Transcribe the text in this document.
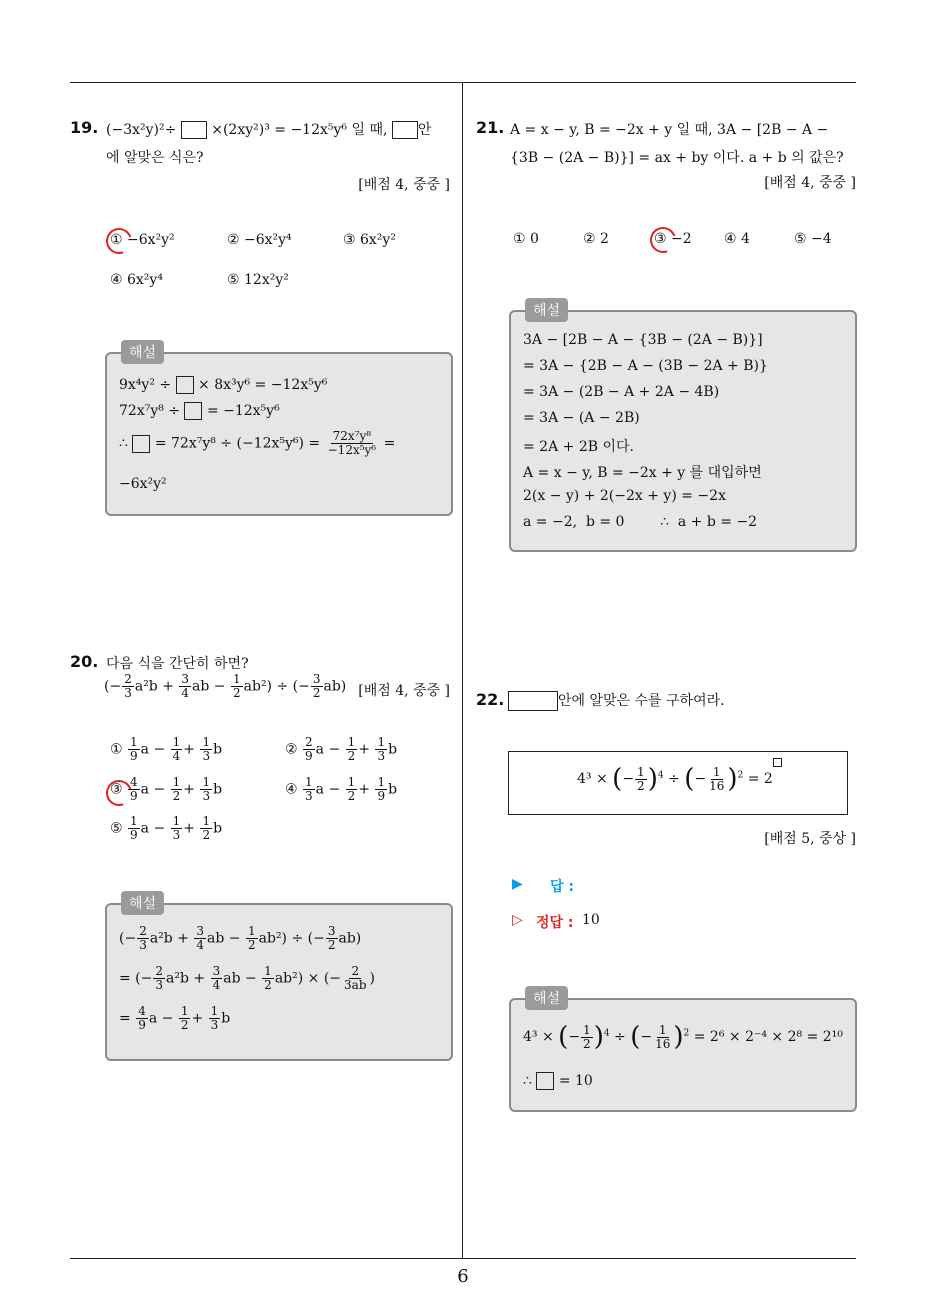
6
19. (−3x²y)²÷ ×(2xy²)³ = −12x⁵y⁶ 일 때, 안
에 알맞은 식은?
[배점 4, 중중 ]
① −6x²y²	② −6x²y⁴	③ 6x²y²
④ 6x²y⁴	⑤ 12x²y²
해설
9x⁴y² ÷ × 8x³y⁶ = −12x⁵y⁶
72x⁷y⁸ ÷ = −12x⁵y⁶
∴ = $72x^7y^8 \div (-12x^5y^6) = \frac{\text{72x⁷y⁸}}{\text{−12x⁵y⁶}}$ =
−6x²y²
20. 다음 식을 간단히 하면?
(− $\frac{2}{3} a^2b + \frac{3}{4}$ ab − $\frac{1}{2} ab^2$) ÷ (− $\frac{3}{2} ab$) [배점 4, 중중 ]
① $\frac{1}{9}$ $a - \frac{1}{4} + \frac{1}{3}$ b	② $\frac{2}{9}$ $a - \frac{1}{2} + \frac{1}{3}$ b
③ $\frac{4}{9}$ $a - \frac{1}{2} + \frac{1}{3}$ b	④ $\frac{1}{3}$ $a - \frac{1}{2} + \frac{1}{9}$ b
⑤ $\frac{1}{9}$ $a - \frac{1}{3} + \frac{1}{2}$ b
해설
(− $\frac{2}{3} a^2b + \frac{3}{4}$ ab − $\frac{1}{2} ab^2$) ÷ (− $\frac{3}{2} ab$)
= (− $\frac{2}{3} a^2b + \frac{3}{4}$ ab − $\frac{1}{2} ab^2$) × (− $\frac{2}{3ab}$ )
= $\frac{4}{9}$ $a - \frac{1}{2} + \frac{1}{3}$ b
21. A = x − y, B = −2x + y 일 때, 3A − [2B − A −
{3B − (2A − B)}] = ax + by 이다. a + b 의 값은?
[배점 4, 중중 ]
① 0	② 2	③ −2 ④ 4	⑤ −4
해설
3A − [2B − A − {3B − (2A − B)}]
= 3A − {2B − A − (3B − 2A + B)}
= 3A − (2B − A + 2A − 4B)
= 3A − (A − 2B)
= 2A + 2B 이다.
A = x − y, B = −2x + y 를 대입하면
2(x − y) + 2(−2x + y) = −2x
a = −2,  b = 0        ∴  a + b = −2
22.	안에 알맞은 수를 구하여라.
4³ × (− $\frac{1}{2} )^4$ ÷ (− $\frac{1}{16} )^2 = 2$
[배점 5, 중상 ]
▶ 답 :
▷ 정답 : 10
해설
4³ × (− $\frac{1}{2} )^4$ ÷ (− $\frac{1}{16} )^2 = 2^6 \times 2^{-4} \times 2^8 = 2^{10}$
∴ = 10
